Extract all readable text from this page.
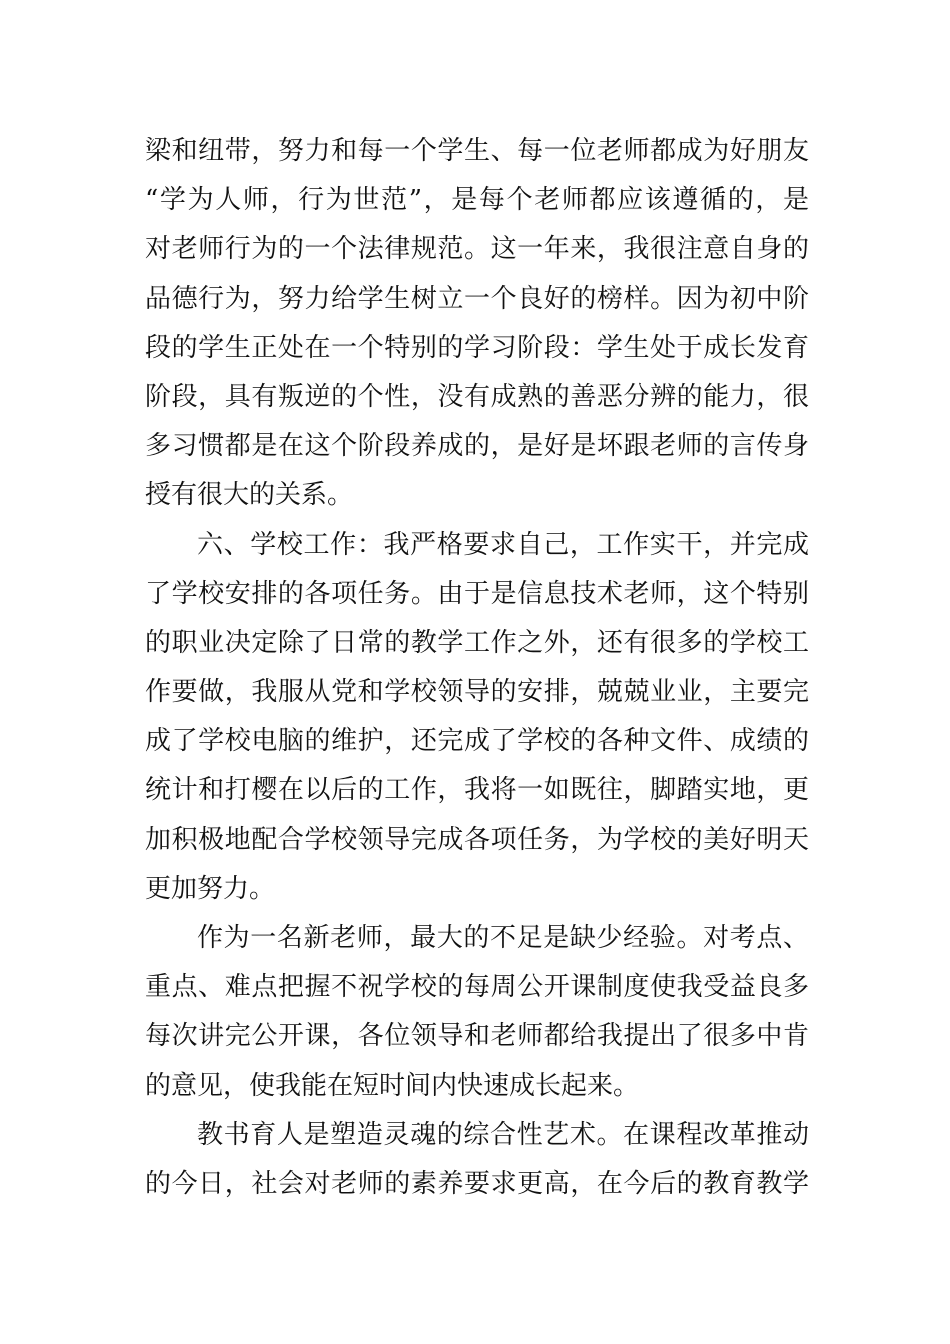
梁和纽带，努力和每一个学生、每一位老师都成为好朋友
“学为人师，行为世范”，是每个老师都应该遵循的，是
对老师行为的一个法律规范。这一年来，我很注意自身的
品德行为，努力给学生树立一个良好的榜样。因为初中阶
段的学生正处在一个特别的学习阶段：学生处于成长发育
阶段，具有叛逆的个性，没有成熟的善恶分辨的能力，很
多习惯都是在这个阶段养成的，是好是坏跟老师的言传身
授有很大的关系。
六、学校工作：我严格要求自己，工作实干，并完成
了学校安排的各项任务。由于是信息技术老师，这个特别
的职业决定除了日常的教学工作之外，还有很多的学校工
作要做，我服从党和学校领导的安排，兢兢业业，主要完
成了学校电脑的维护，还完成了学校的各种文件、成绩的
统计和打樱在以后的工作，我将一如既往，脚踏实地，更
加积极地配合学校领导完成各项任务，为学校的美好明天
更加努力。
作为一名新老师，最大的不足是缺少经验。对考点、
重点、难点把握不祝学校的每周公开课制度使我受益良多
每次讲完公开课，各位领导和老师都给我提出了很多中肯
的意见，使我能在短时间内快速成长起来。
教书育人是塑造灵魂的综合性艺术。在课程改革推动
的今日，社会对老师的素养要求更高，在今后的教育教学
